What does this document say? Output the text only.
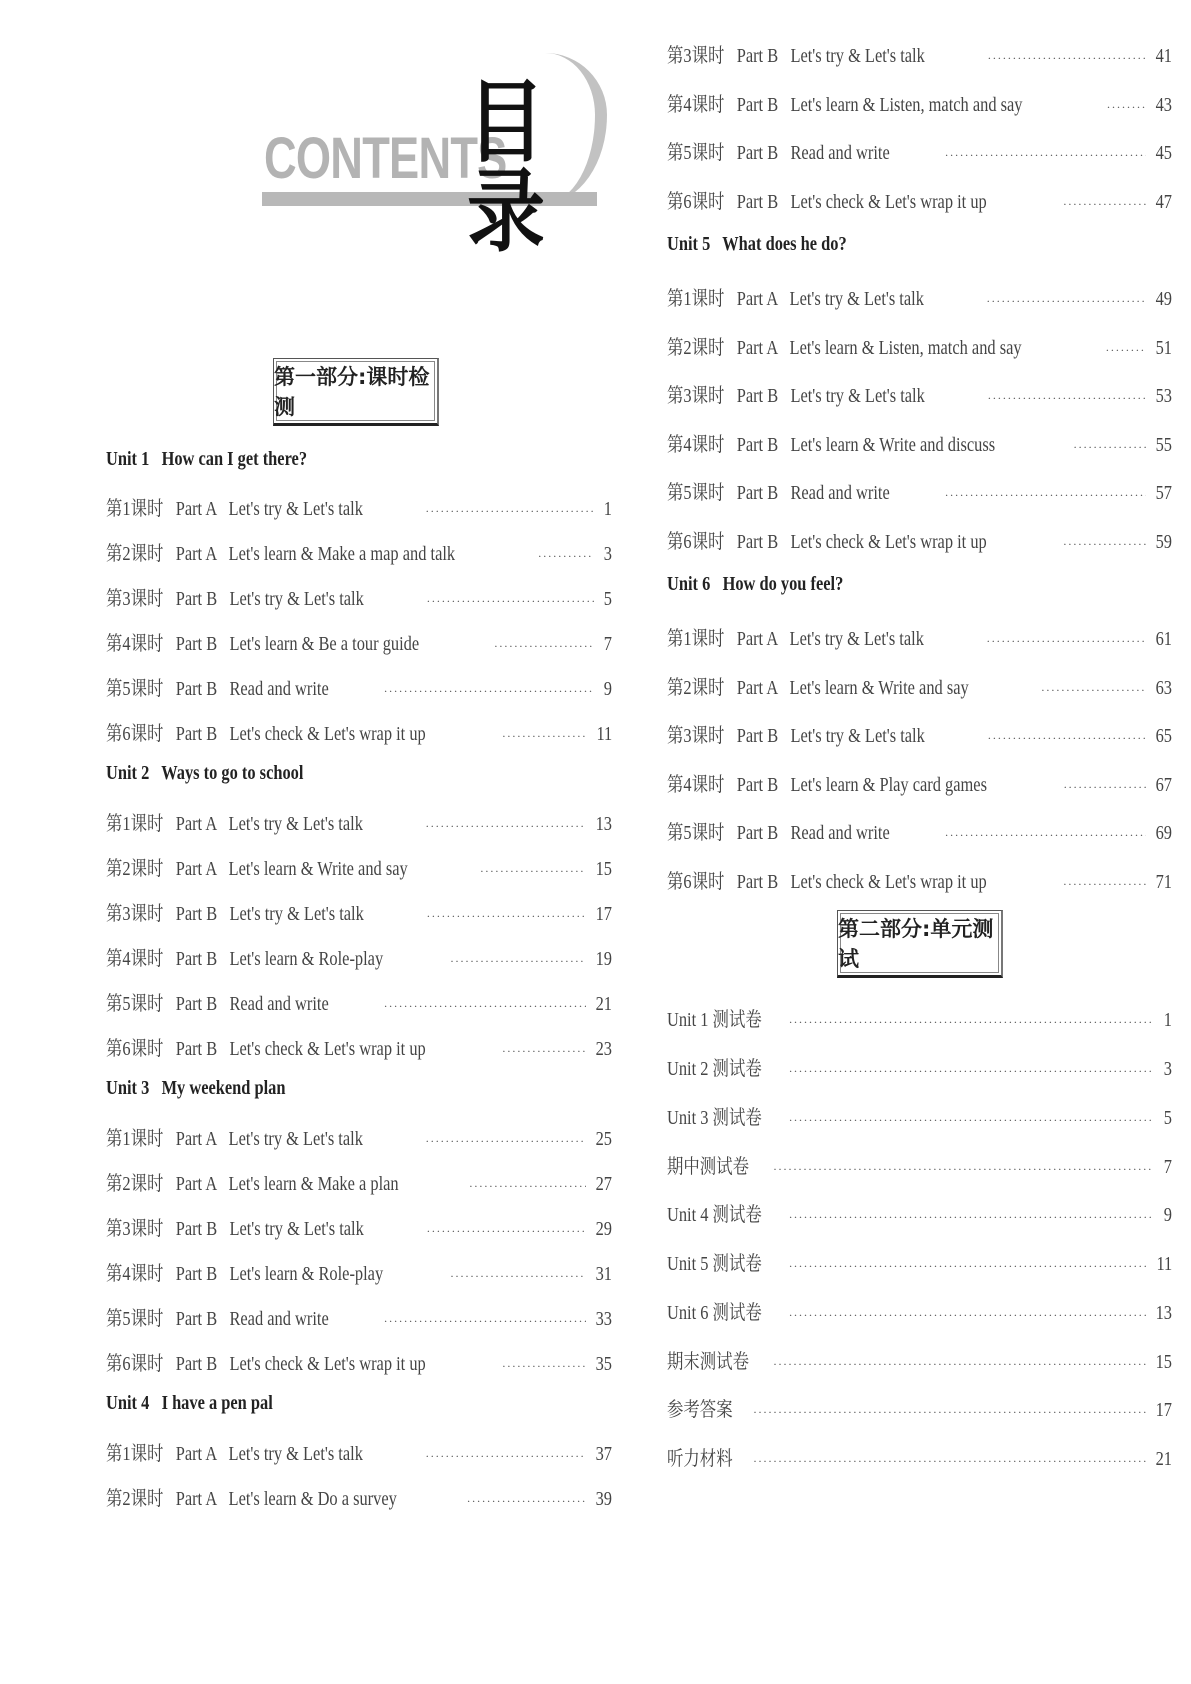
CONTENTS
目录
第一部分:课时检测
Unit 1   How can I get there?
第1课时   Part A   Let's try & Let's talk ·····	1
第2课时   Part A   Let's learn & Make a map and talk ·····	3
第3课时   Part B   Let's try & Let's talk ·····	5
第4课时   Part B   Let's learn & Be a tour guide ·····	7
第5课时   Part B   Read and write ·····	9
第6课时   Part B   Let's check & Let's wrap it up ·····	11
Unit 2   Ways to go to school
第1课时   Part A   Let's try & Let's talk ·····	13
第2课时   Part A   Let's learn & Write and say ·····	15
第3课时   Part B   Let's try & Let's talk ·····	17
第4课时   Part B   Let's learn & Role-play ·····	19
第5课时   Part B   Read and write ·····	21
第6课时   Part B   Let's check & Let's wrap it up ·····	23
Unit 3   My weekend plan
第1课时   Part A   Let's try & Let's talk ·····	25
第2课时   Part A   Let's learn & Make a plan ·····	27
第3课时   Part B   Let's try & Let's talk ·····	29
第4课时   Part B   Let's learn & Role-play ·····	31
第5课时   Part B   Read and write ·····	33
第6课时   Part B   Let's check & Let's wrap it up ·····	35
Unit 4   I have a pen pal
第1课时   Part A   Let's try & Let's talk ·····	37
第2课时   Part A   Let's learn & Do a survey ·····	39
第3课时   Part B   Let's try & Let's talk ·····	41
第4课时   Part B   Let's learn & Listen, match and say ·····	43
第5课时   Part B   Read and write ·····	45
第6课时   Part B   Let's check & Let's wrap it up ·····	47
Unit 5   What does he do?
第1课时   Part A   Let's try & Let's talk ·····	49
第2课时   Part A   Let's learn & Listen, match and say ·····	51
第3课时   Part B   Let's try & Let's talk ·····	53
第4课时   Part B   Let's learn & Write and discuss ·····	55
第5课时   Part B   Read and write ·····	57
第6课时   Part B   Let's check & Let's wrap it up ·····	59
Unit 6   How do you feel?
第1课时   Part A   Let's try & Let's talk ·····	61
第2课时   Part A   Let's learn & Write and say ·····	63
第3课时   Part B   Let's try & Let's talk ·····	65
第4课时   Part B   Let's learn & Play card games ·····	67
第5课时   Part B   Read and write ·····	69
第6课时   Part B   Let's check & Let's wrap it up ·····	71
第二部分:单元测试
Unit 1 测试卷 ·····	1
Unit 2 测试卷 ·····	3
Unit 3 测试卷 ·····	5
期中测试卷 ·····	7
Unit 4 测试卷 ·····	9
Unit 5 测试卷 ·····	11
Unit 6 测试卷 ·····	13
期末测试卷 ·····	15
参考答案 ·····	17
听力材料 ·····	21
